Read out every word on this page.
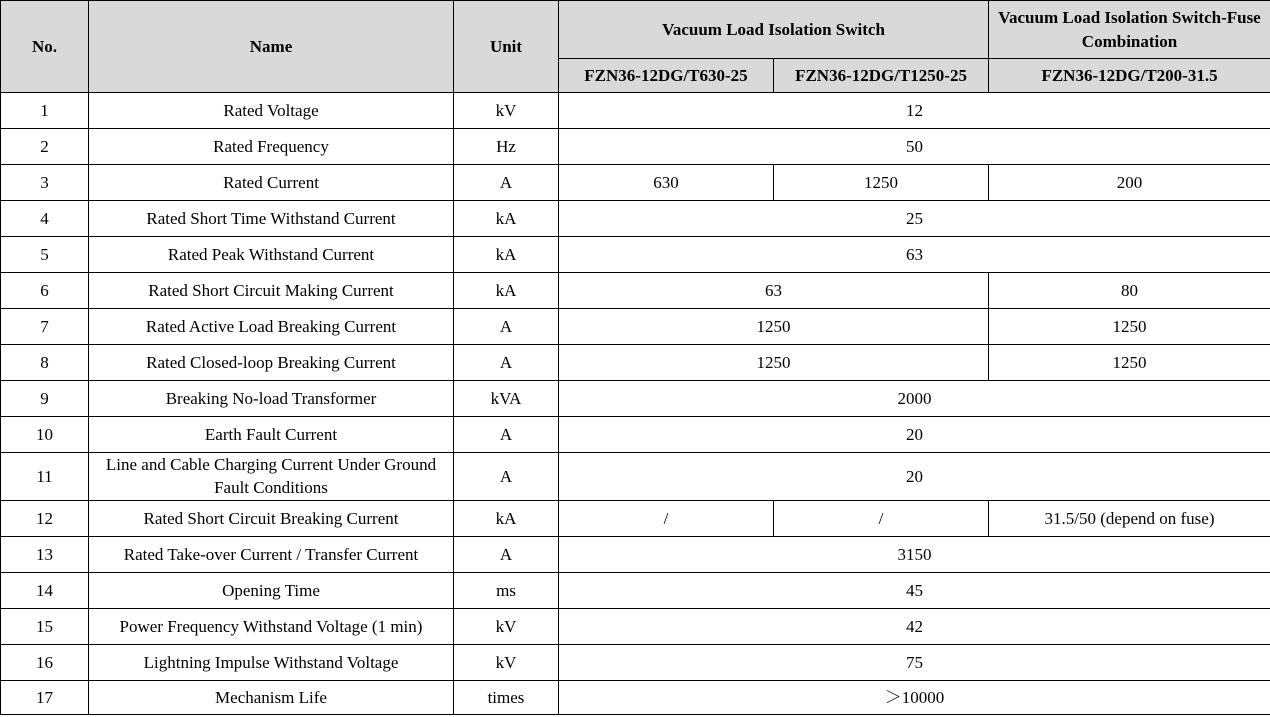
No.	Name	Unit	Vacuum Load Isolation Switch		Vacuum Load Isolation Switch-Fuse Combination
			FZN36-12DG/T630-25	FZN36-12DG/T1250-25	FZN36-12DG/T200-31.5
1	Rated Voltage	kV	12		
2	Rated Frequency	Hz	50		
3	Rated Current	A	630	1250	200
4	Rated Short Time Withstand Current	kA	25		
5	Rated Peak Withstand Current	kA	63		
6	Rated Short Circuit Making Current	kA	63		80
7	Rated Active Load Breaking Current	A	1250		1250
8	Rated Closed-loop Breaking Current	A	1250		1250
9	Breaking No-load Transformer	kVA	2000		
10	Earth Fault Current	A	20		
11	Line and Cable Charging Current Under Ground Fault Conditions	A	20		
12	Rated Short Circuit Breaking Current	kA	/	/	31.5/50 (depend on fuse)
13	Rated Take-over Current / Transfer Current	A	3150		
14	Opening Time	ms	45		
15	Power Frequency Withstand Voltage (1 min)	kV	42		
16	Lightning Impulse Withstand Voltage	kV	75		
17	Mechanism Life	times	＞10000		
